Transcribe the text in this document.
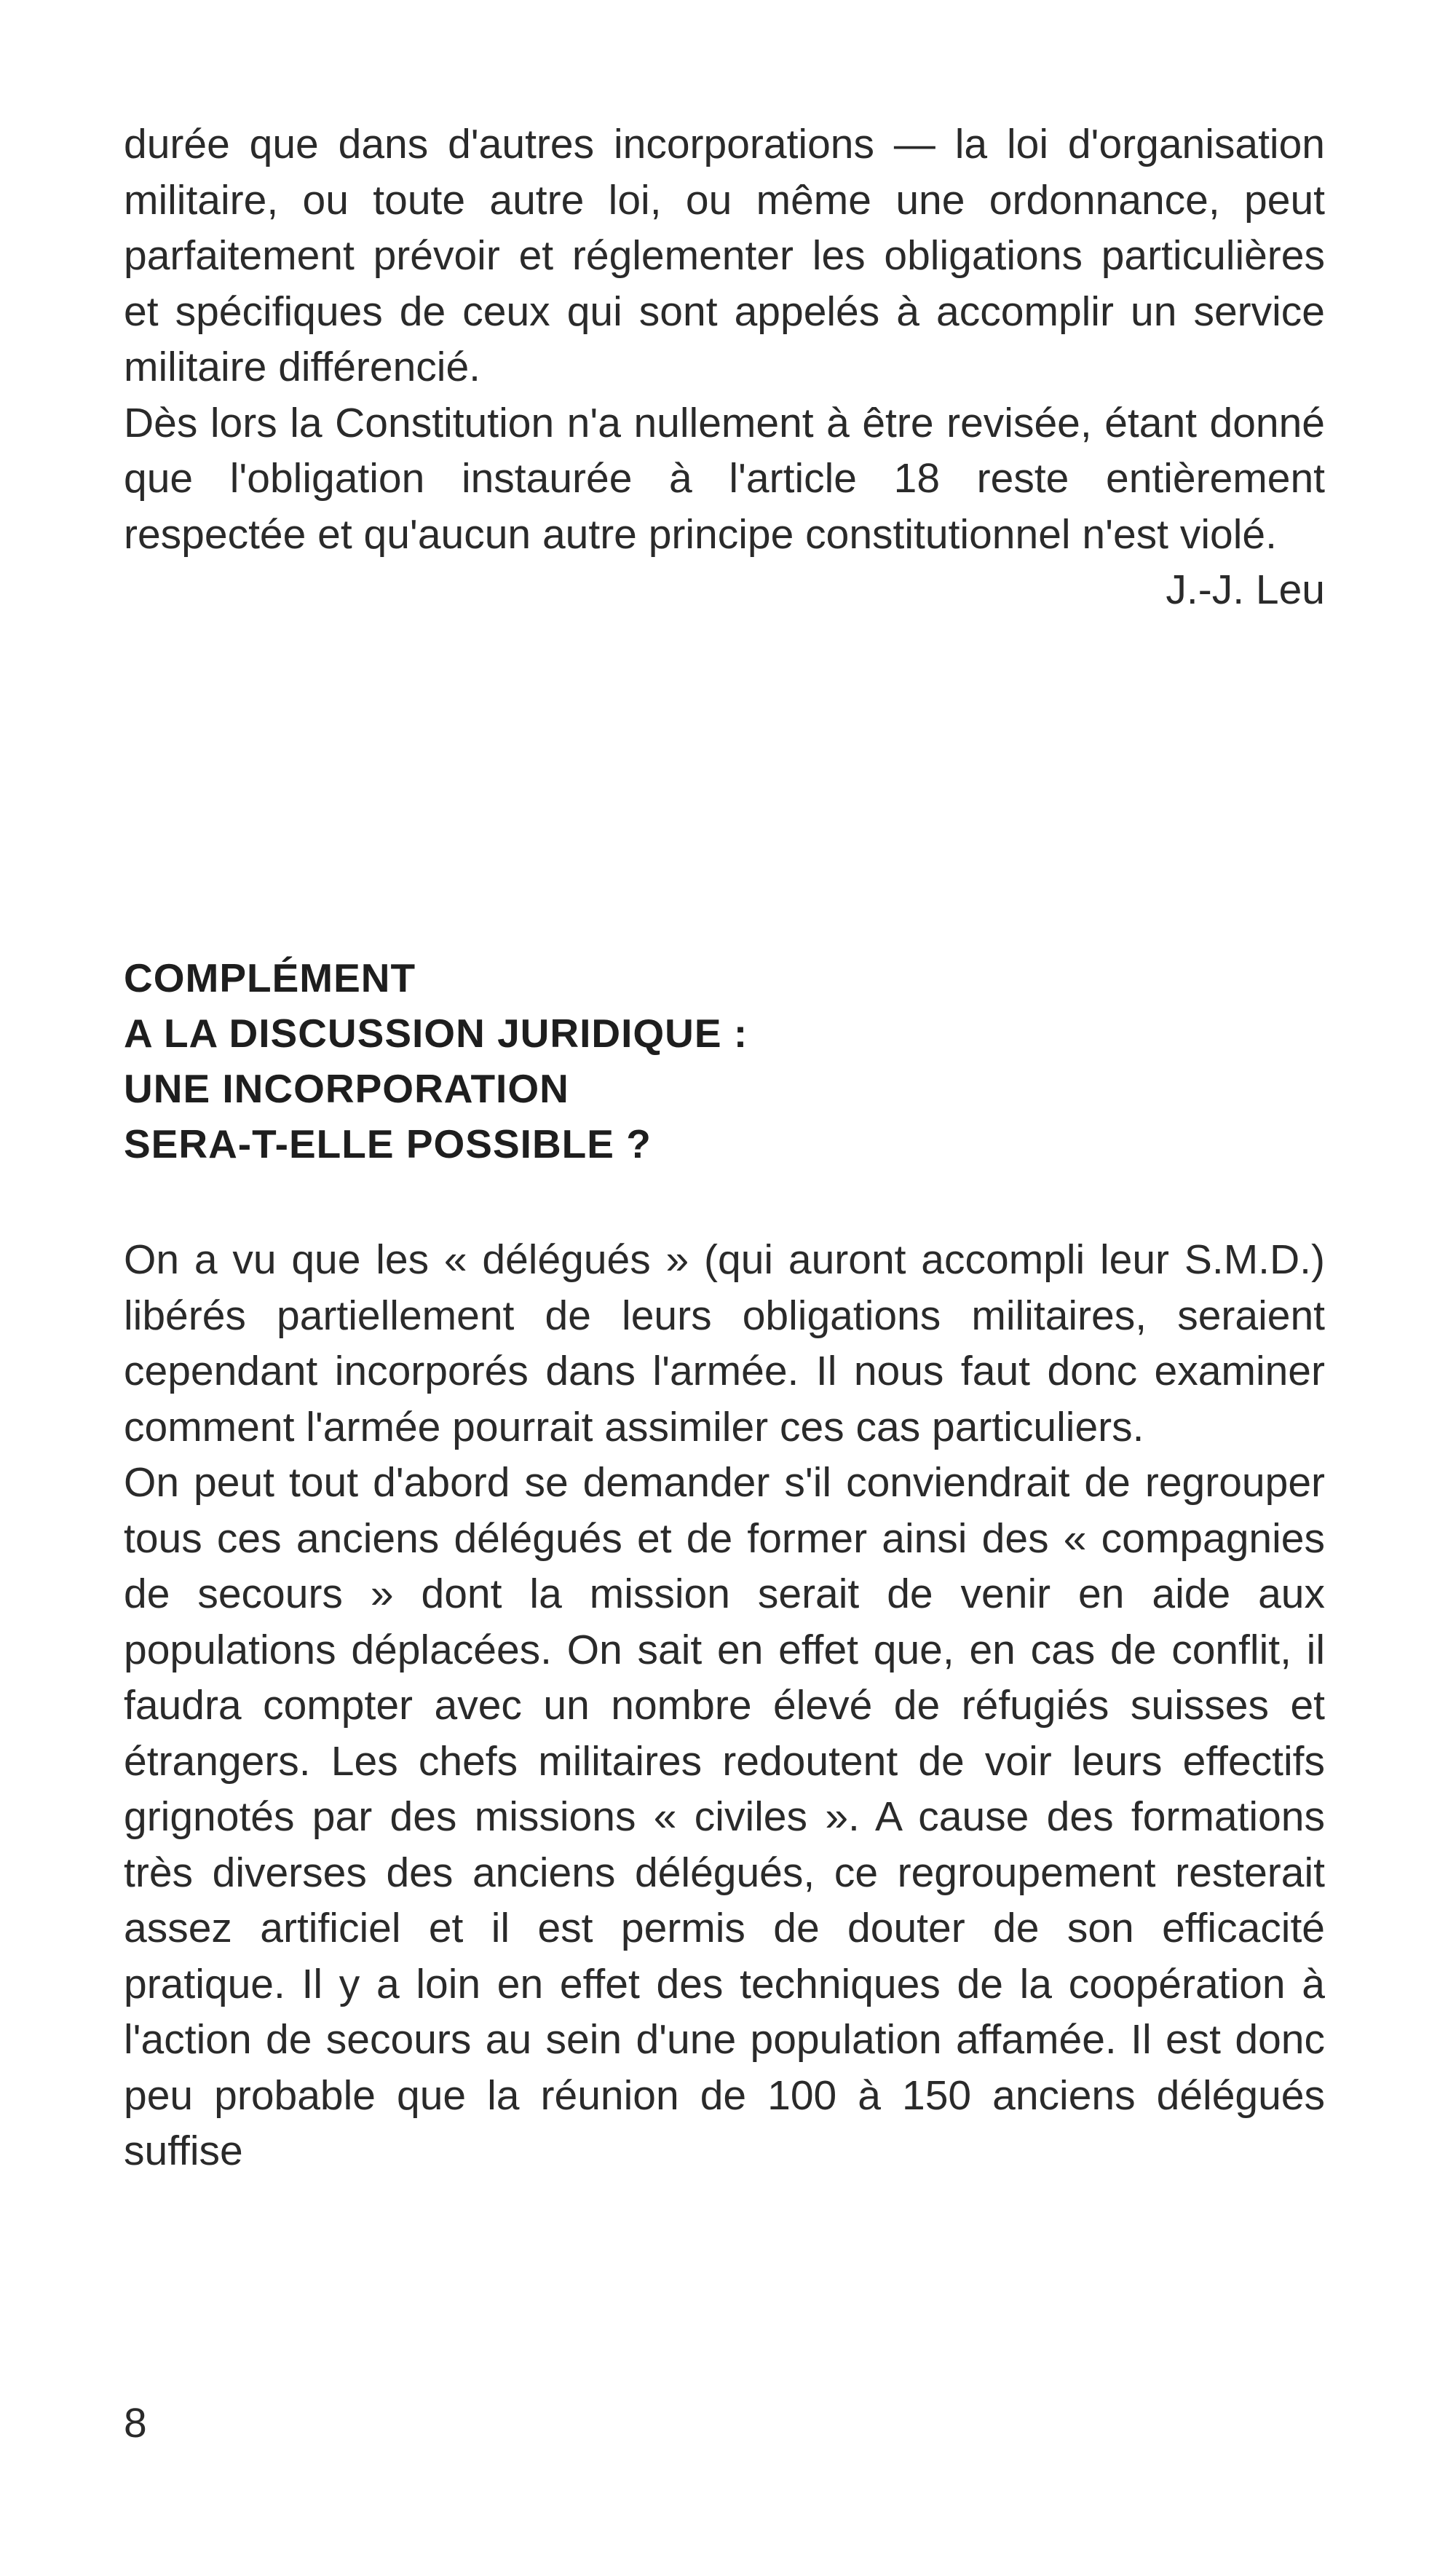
durée que dans d'autres incorporations — la loi d'organisation militaire, ou toute autre loi, ou même une ordonnance, peut parfaitement prévoir et réglementer les obligations particulières et spécifiques de ceux qui sont appelés à accomplir un service militaire différencié.

Dès lors la Constitution n'a nullement à être revisée, étant donné que l'obligation instaurée à l'article 18 reste entièrement respectée et qu'aucun autre principe constitutionnel n'est violé.

J.-J. Leu

COMPLÉMENT
A LA DISCUSSION JURIDIQUE :
UNE INCORPORATION
SERA-T-ELLE POSSIBLE ?

On a vu que les « délégués » (qui auront accompli leur S.M.D.) libérés partiellement de leurs obligations militaires, seraient cependant incorporés dans l'armée. Il nous faut donc examiner comment l'armée pourrait assimiler ces cas particuliers.

On peut tout d'abord se demander s'il conviendrait de regrouper tous ces anciens délégués et de former ainsi des « compagnies de secours » dont la mission serait de venir en aide aux populations déplacées. On sait en effet que, en cas de conflit, il faudra compter avec un nombre élevé de réfugiés suisses et étrangers. Les chefs militaires redoutent de voir leurs effectifs grignotés par des missions « civiles ». A cause des formations très diverses des anciens délégués, ce regroupement resterait assez artificiel et il est permis de douter de son efficacité pratique. Il y a loin en effet des techniques de la coopération à l'action de secours au sein d'une population affamée. Il est donc peu probable que la réunion de 100 à 150 anciens délégués suffise

8
